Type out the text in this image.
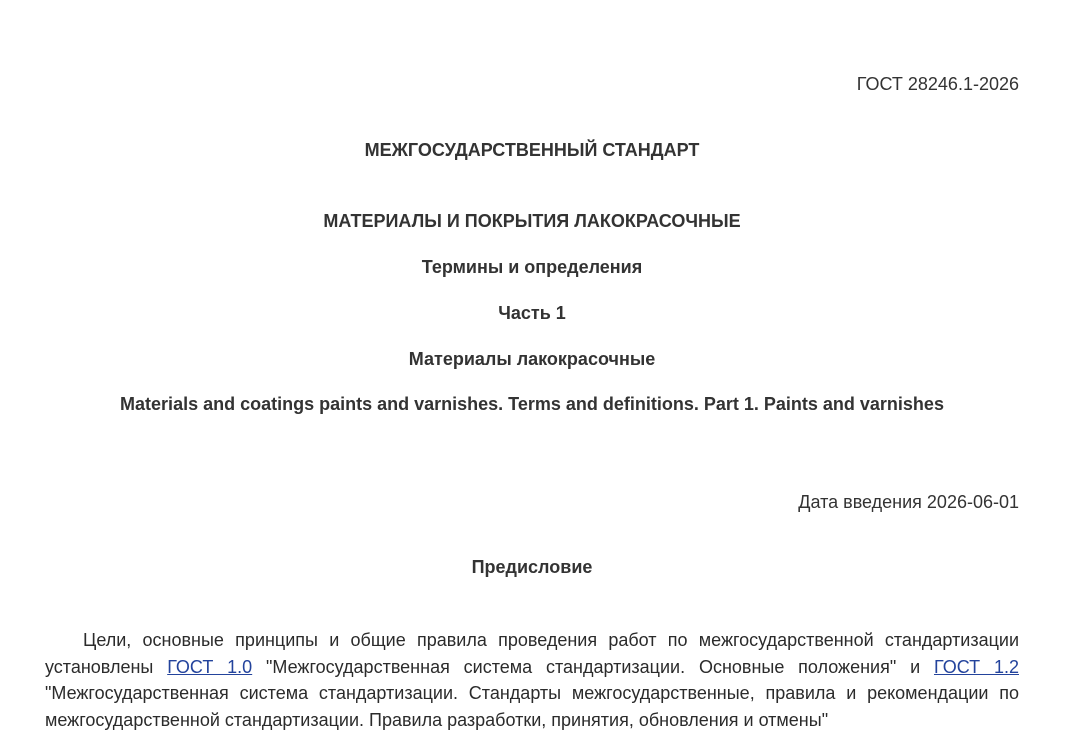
ГОСТ 28246.1-2026
МЕЖГОСУДАРСТВЕННЫЙ СТАНДАРТ
МАТЕРИАЛЫ И ПОКРЫТИЯ ЛАКОКРАСОЧНЫЕ
Термины и определения
Часть 1
Материалы лакокрасочные
Materials and coatings paints and varnishes. Terms and definitions. Part 1. Paints and varnishes
Дата введения 2026-06-01
Предисловие
Цели, основные принципы и общие правила проведения работ по межгосударственной стандартизации установлены ГОСТ 1.0 "Межгосударственная система стандартизации. Основные положения" и ГОСТ 1.2 "Межгосударственная система стандартизации. Стандарты межгосударственные, правила и рекомендации по межгосударственной стандартизации. Правила разработки, принятия, обновления и отмены"
